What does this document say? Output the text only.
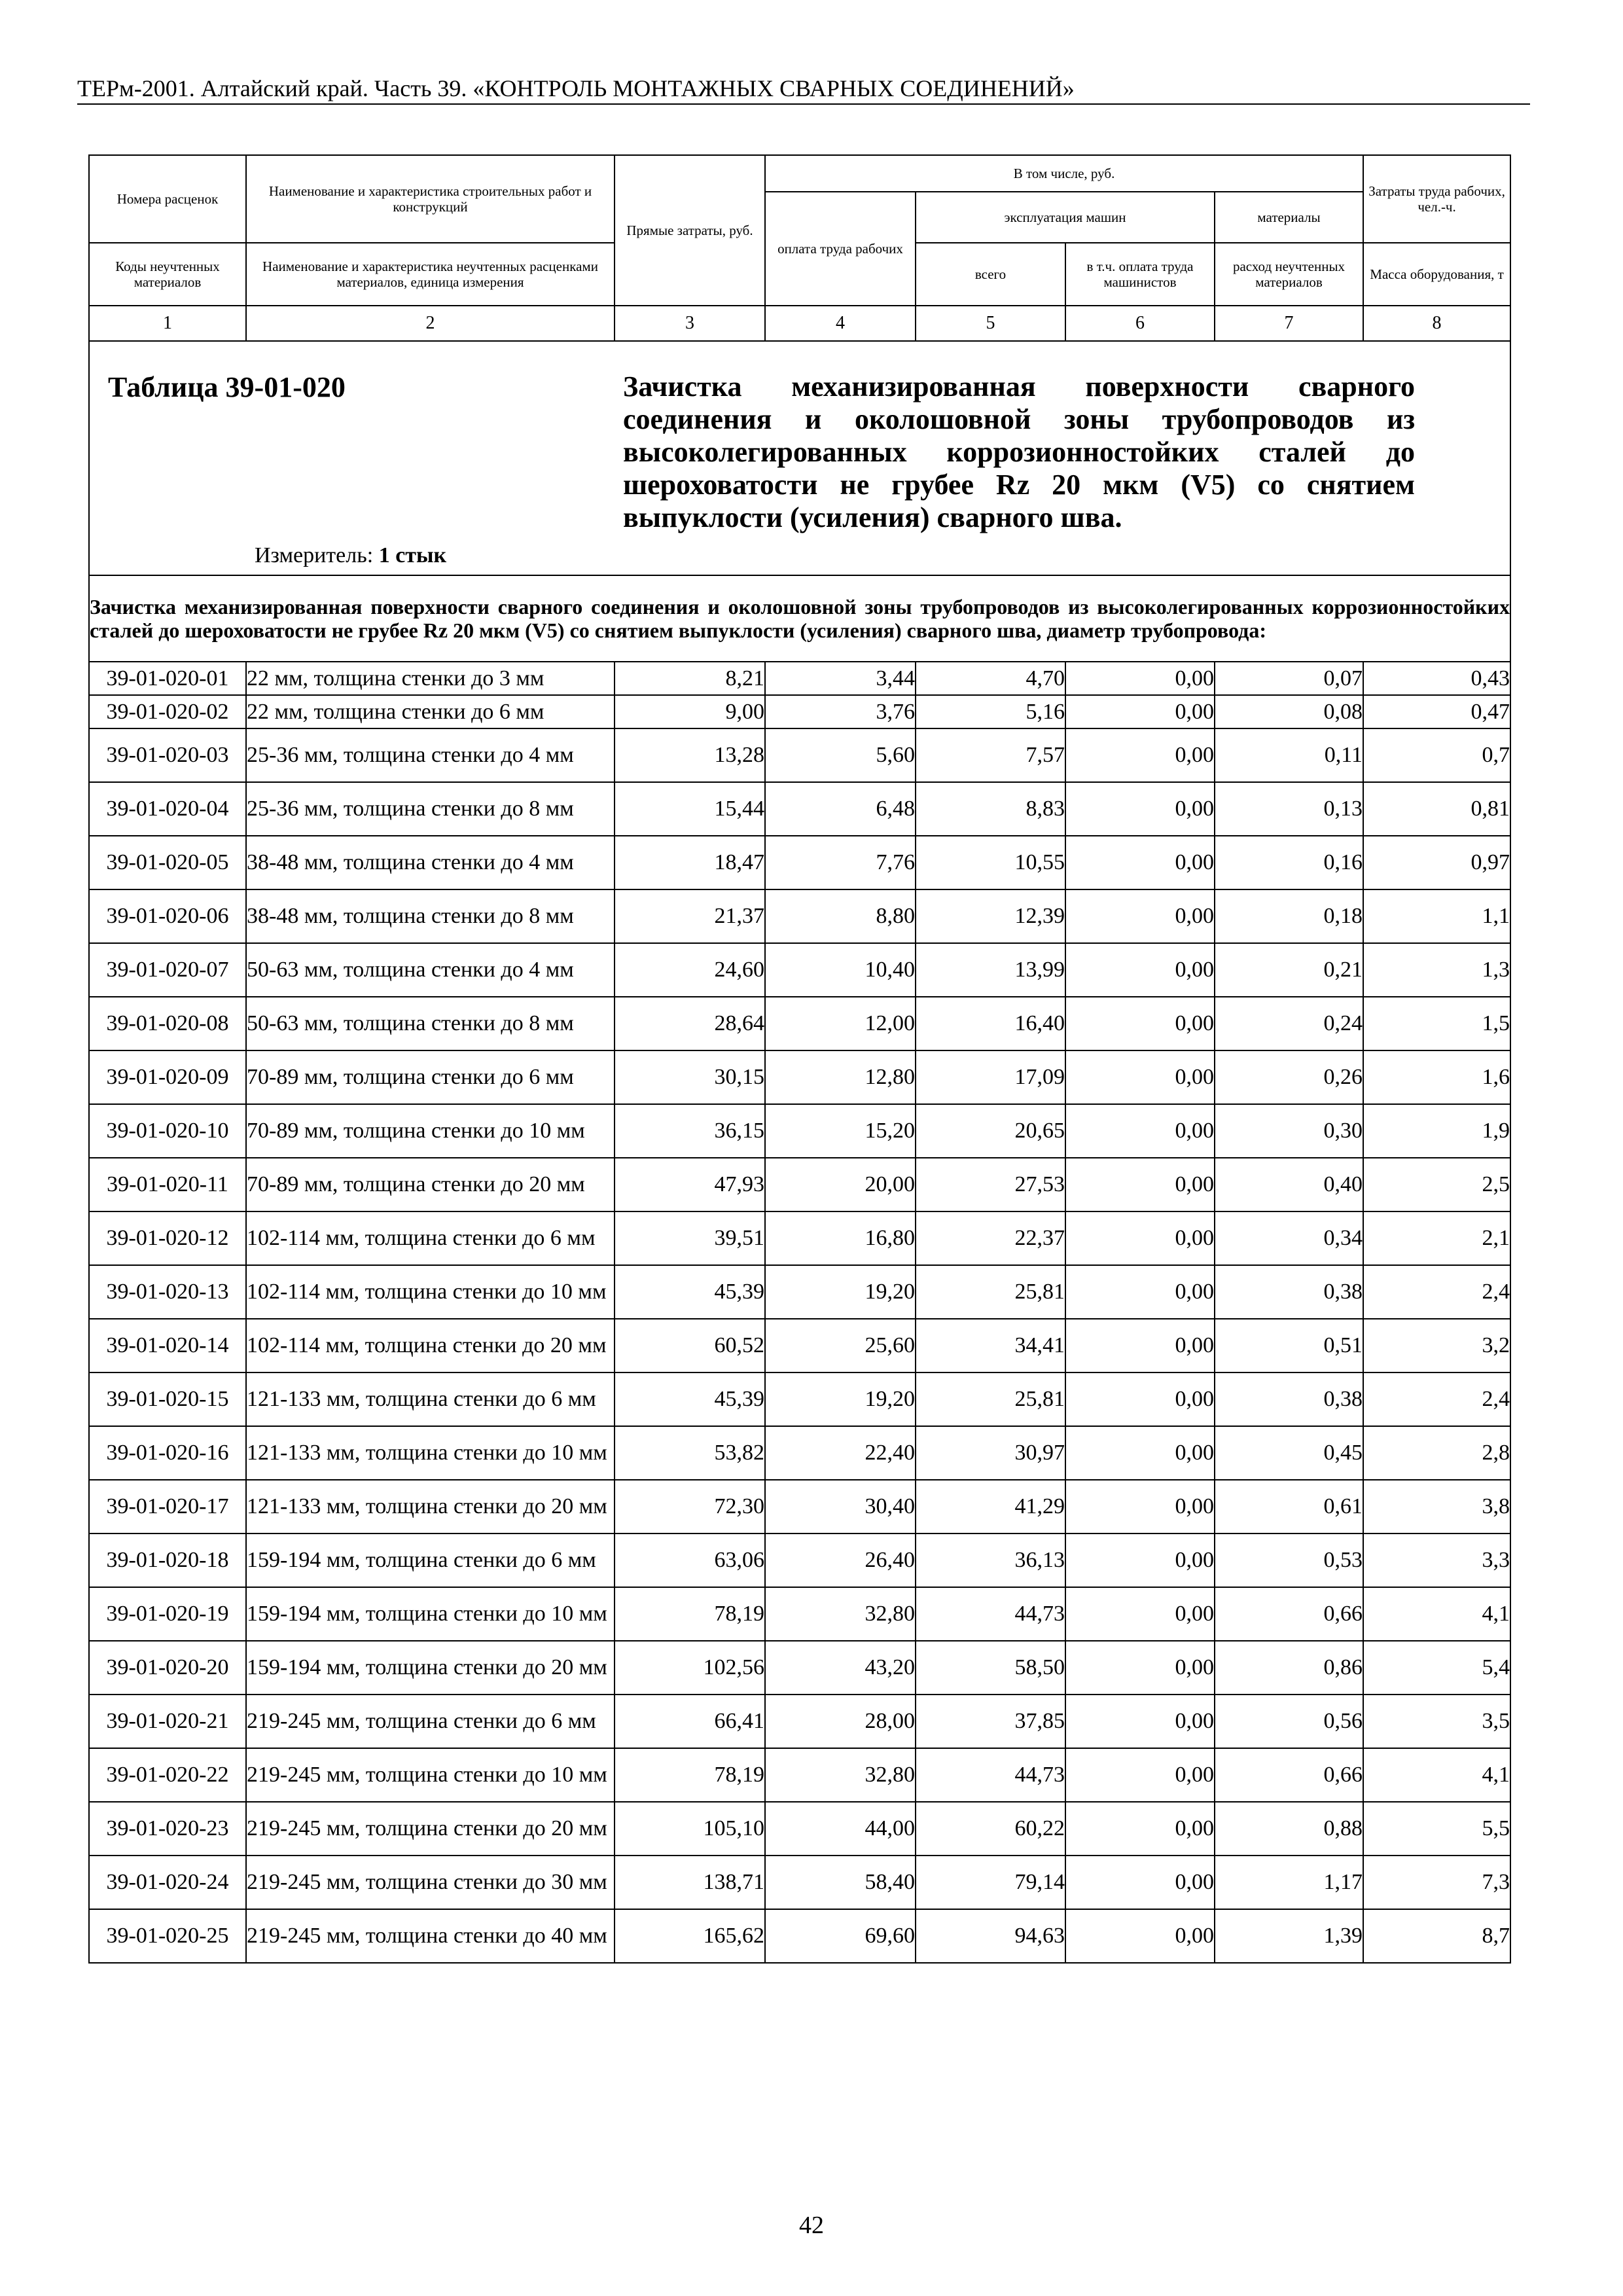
ТЕРм-2001. Алтайский край. Часть 39. «КОНТРОЛЬ МОНТАЖНЫХ СВАРНЫХ СОЕДИНЕНИЙ»
Номера расценок	Наименование и характеристика строительных работ и конструкций	Прямые затраты, руб.	В том числе, руб.				Затраты труда рабочих, чел.-ч.
			оплата труда рабочих	эксплуатация машин		материалы	
Коды неучтенных материалов	Наименование и характеристика неучтенных расценками материалов, единица измерения			всего	в т.ч. оплата труда машинистов	расход неучтенных материалов	Масса оборудования, т
1	2	3	4	5	6	7	8

Таблица 39-01-020 Зачистка механизированная поверхности сварного соединения и околошовной зоны трубопроводов из высоколегированных коррозионностойких сталей до шероховатости не грубее Rz 20 мкм (V5) со снятием выпуклости (усиления) сварного шва.
Измеритель: 1 стык							

Зачистка механизированная поверхности сварного соединения и околошовной зоны трубопроводов из высоколегированных коррозионностойких сталей до шероховатости не грубее Rz 20 мкм (V5) со снятием выпуклости (усиления) сварного шва, диаметр трубопровода:							
39-01-020-01	22 мм, толщина стенки до 3 мм	8,21	3,44	4,70	0,00	0,07	0,43
39-01-020-02	22 мм, толщина стенки до 6 мм	9,00	3,76	5,16	0,00	0,08	0,47
39-01-020-03	25-36 мм, толщина стенки до 4 мм	13,28	5,60	7,57	0,00	0,11	0,7
39-01-020-04	25-36 мм, толщина стенки до 8 мм	15,44	6,48	8,83	0,00	0,13	0,81
39-01-020-05	38-48 мм, толщина стенки до 4 мм	18,47	7,76	10,55	0,00	0,16	0,97
39-01-020-06	38-48 мм, толщина стенки до 8 мм	21,37	8,80	12,39	0,00	0,18	1,1
39-01-020-07	50-63 мм, толщина стенки до 4 мм	24,60	10,40	13,99	0,00	0,21	1,3
39-01-020-08	50-63 мм, толщина стенки до 8 мм	28,64	12,00	16,40	0,00	0,24	1,5
39-01-020-09	70-89 мм, толщина стенки до 6 мм	30,15	12,80	17,09	0,00	0,26	1,6
39-01-020-10	70-89 мм, толщина стенки до 10 мм	36,15	15,20	20,65	0,00	0,30	1,9
39-01-020-11	70-89 мм, толщина стенки до 20 мм	47,93	20,00	27,53	0,00	0,40	2,5
39-01-020-12	102-114 мм, толщина стенки до 6 мм	39,51	16,80	22,37	0,00	0,34	2,1
39-01-020-13	102-114 мм, толщина стенки до 10 мм	45,39	19,20	25,81	0,00	0,38	2,4
39-01-020-14	102-114 мм, толщина стенки до 20 мм	60,52	25,60	34,41	0,00	0,51	3,2
39-01-020-15	121-133 мм, толщина стенки до 6 мм	45,39	19,20	25,81	0,00	0,38	2,4
39-01-020-16	121-133 мм, толщина стенки до 10 мм	53,82	22,40	30,97	0,00	0,45	2,8
39-01-020-17	121-133 мм, толщина стенки до 20 мм	72,30	30,40	41,29	0,00	0,61	3,8
39-01-020-18	159-194 мм, толщина стенки до 6 мм	63,06	26,40	36,13	0,00	0,53	3,3
39-01-020-19	159-194 мм, толщина стенки до 10 мм	78,19	32,80	44,73	0,00	0,66	4,1
39-01-020-20	159-194 мм, толщина стенки до 20 мм	102,56	43,20	58,50	0,00	0,86	5,4
39-01-020-21	219-245 мм, толщина стенки до 6 мм	66,41	28,00	37,85	0,00	0,56	3,5
39-01-020-22	219-245 мм, толщина стенки до 10 мм	78,19	32,80	44,73	0,00	0,66	4,1
39-01-020-23	219-245 мм, толщина стенки до 20 мм	105,10	44,00	60,22	0,00	0,88	5,5
39-01-020-24	219-245 мм, толщина стенки до 30 мм	138,71	58,40	79,14	0,00	1,17	7,3
39-01-020-25	219-245 мм, толщина стенки до 40 мм	165,62	69,60	94,63	0,00	1,39	8,7
42
